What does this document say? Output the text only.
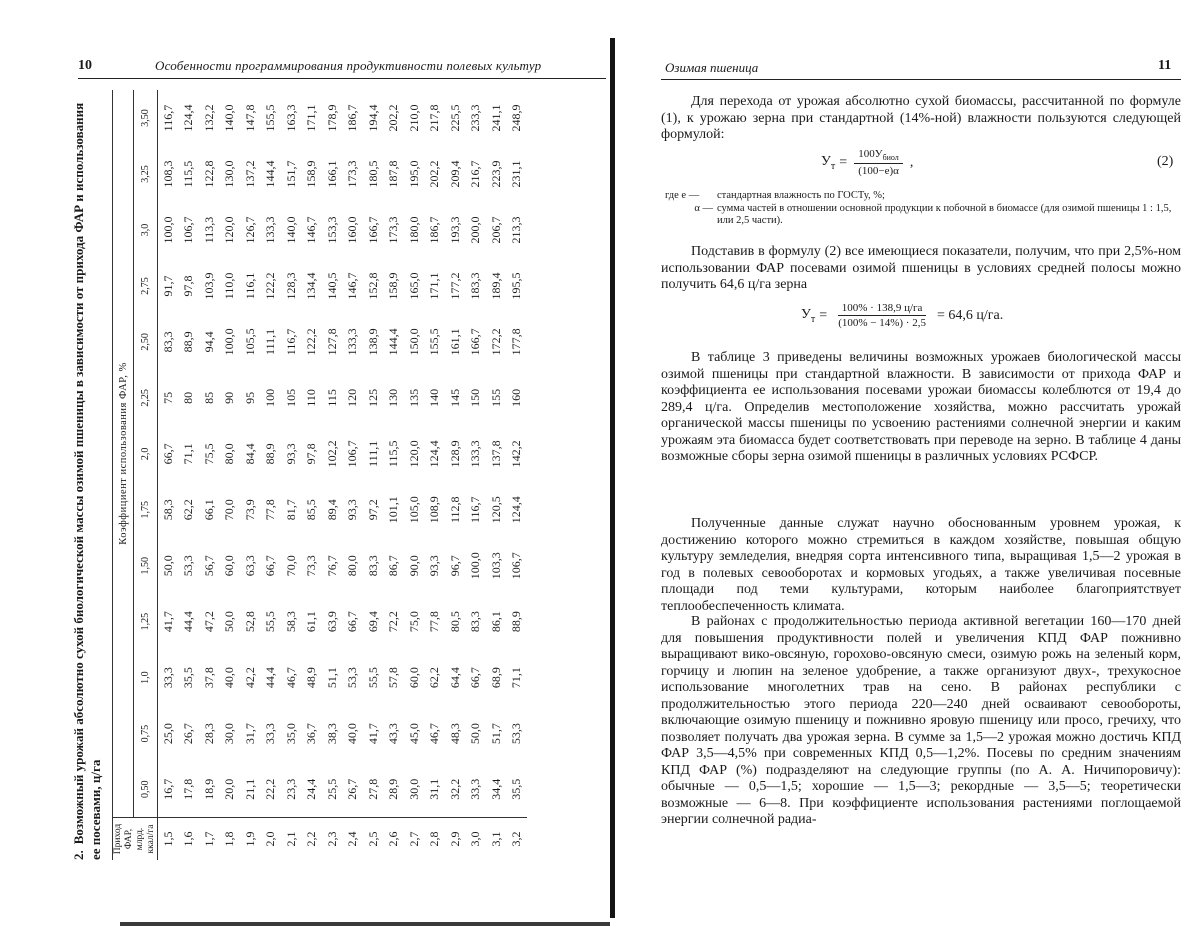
10	Особенности программирования продуктивности полевых культур
2.Возможный урожай абсолютно сухой биологической массы озимой пшеницы в зависимости от прихода ФАР и использования ее посевами, ц/га Приход
ФАР,
млрд.
ккал/га	Коэффициент использования ФАР, %												
	0,50	0,75	1,0	1,25	1,50	1,75	2,0	2,25	2,50	2,75	3,0	3,25	3,50
1,5	16,7	25,0	33,3	41,7	50,0	58,3	66,7	75	83,3	91,7	100,0	108,3	116,7
1,6	17,8	26,7	35,5	44,4	53,3	62,2	71,1	80	88,9	97,8	106,7	115,5	124,4
1,7	18,9	28,3	37,8	47,2	56,7	66,1	75,5	85	94,4	103,9	113,3	122,8	132,2
1,8	20,0	30,0	40,0	50,0	60,0	70,0	80,0	90	100,0	110,0	120,0	130,0	140,0
1,9	21,1	31,7	42,2	52,8	63,3	73,9	84,4	95	105,5	116,1	126,7	137,2	147,8
2,0	22,2	33,3	44,4	55,5	66,7	77,8	88,9	100	111,1	122,2	133,3	144,4	155,5
2,1	23,3	35,0	46,7	58,3	70,0	81,7	93,3	105	116,7	128,3	140,0	151,7	163,3
2,2	24,4	36,7	48,9	61,1	73,3	85,5	97,8	110	122,2	134,4	146,7	158,9	171,1
2,3	25,5	38,3	51,1	63,9	76,7	89,4	102,2	115	127,8	140,5	153,3	166,1	178,9
2,4	26,7	40,0	53,3	66,7	80,0	93,3	106,7	120	133,3	146,7	160,0	173,3	186,7
2,5	27,8	41,7	55,5	69,4	83,3	97,2	111,1	125	138,9	152,8	166,7	180,5	194,4
2,6	28,9	43,3	57,8	72,2	86,7	101,1	115,5	130	144,4	158,9	173,3	187,8	202,2
2,7	30,0	45,0	60,0	75,0	90,0	105,0	120,0	135	150,0	165,0	180,0	195,0	210,0
2,8	31,1	46,7	62,2	77,8	93,3	108,9	124,4	140	155,5	171,1	186,7	202,2	217,8
2,9	32,2	48,3	64,4	80,5	96,7	112,8	128,9	145	161,1	177,2	193,3	209,4	225,5
3,0	33,3	50,0	66,7	83,3	100,0	116,7	133,3	150	166,7	183,3	200,0	216,7	233,3
3,1	34,4	51,7	68,9	86,1	103,3	120,5	137,8	155	172,2	189,4	206,7	223,9	241,1
3,2	35,5	53,3	71,1	88,9	106,7	124,4	142,2	160	177,8	195,5	213,3	231,1	248,9
Озимая пшеница	11

Для перехода от урожая абсолютно сухой биомассы, рассчитанной по формуле (1), к урожаю зерна при стандартной (14%-ной) влажности пользуются следующей формулой:

$У_т = \frac{100У_{биол}}{(100-e)\alpha}$ ,	(2)
где e —	стандартная влажность по ГОСТу, %;
α — сумма частей в отношении основной продукции к побочной в биомассе (для озимой пшеницы 1 : 1,5, или 2,5 части).

Подставив в формулу (2) все имеющиеся показатели, получим, что при 2,5%-ном использовании ФАР посевами озимой пшеницы в условиях средней полосы можно получить 64,6 ц/га зерна

$У_т = \frac{100\% \cdot 138,9 ц/га}{(100\% - 14\%) \cdot 2,5} = 64,6$ ц/га.

В таблице 3 приведены величины возможных урожаев биологической массы озимой пшеницы при стандартной влажности. В зависимости от прихода ФАР и коэффициента ее использования посевами урожаи биомассы колеблются от 19,4 до 289,4 ц/га. Определив местоположение хозяйства, можно рассчитать урожай органической массы пшеницы по усвоению растениями солнечной энергии и каким урожаям эта биомасса будет соответствовать при переводе на зерно. В таблице 4 даны возможные сборы зерна озимой пшеницы в различных условиях РСФСР.

Полученные данные служат научно обоснованным уровнем урожая, к достижению которого можно стремиться в каждом хозяйстве, повышая общую культуру земледелия, внедряя сорта интенсивного типа, выращивая 1,5—2 урожая в год в полевых севооборотах и кормовых угодьях, а также увеличивая посевные площади под теми культурами, которым наиболее благоприятствует теплообеспеченность климата.

В районах с продолжительностью периода активной вегетации 160—170 дней для повышения продуктивности полей и увеличения КПД ФАР пожнивно выращивают вико-овсяную, горохово-овсяную смеси, озимую рожь на зеленый корм, горчицу и люпин на зеленое удобрение, а также организуют двух-, трехукосное использование многолетних трав на сено. В районах республики с продолжительностью этого периода 220—240 дней осваивают севообороты, включающие озимую пшеницу и пожнивно яровую пшеницу или просо, гречиху, что позволяет получать два урожая зерна. В сумме за 1,5—2 урожая можно достичь КПД ФАР 3,5—4,5% при современных КПД 0,5—1,2%. Посевы по средним значениям КПД ФАР (%) подразделяют на следующие группы (по А. А. Ничипоровичу): обычные — 0,5—1,5; хорошие — 1,5—3; рекордные — 3,5—5; теоретически возможные — 6—8. При коэффициенте использования растениями поглощаемой энергии солнечной радиа-
